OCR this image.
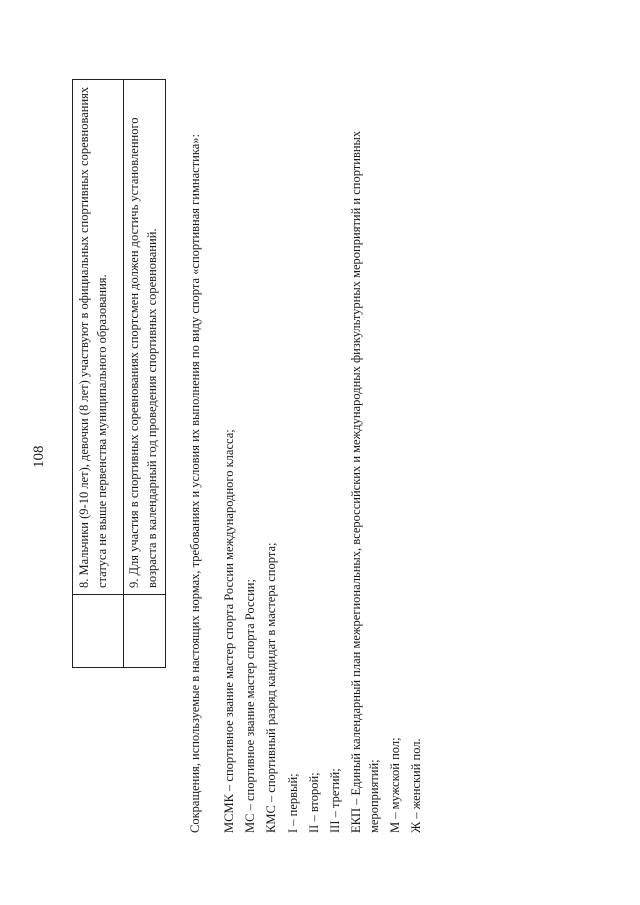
108
	8. Мальчики (9-10 лет), девочки (8 лет) участвуют в официальных спортивных соревнованиях статуса не выше первенства муниципального образования.
	9. Для участия в спортивных соревнованиях спортсмен должен достичь установленного возраста в календарный год проведения спортивных соревнований. Сокращения, используемые в настоящих нормах, требованиях и условия их выполнения по виду спорта «спортивная гимнастика»: МСМК – спортивное звание мастер спорта России международного класса; МС – спортивное звание мастер спорта России; КМС – спортивный разряд кандидат в мастера спорта; I – первый; II – второй; III – третий; ЕКП – Единый календарный план межрегиональных, всероссийских и международных физкультурных мероприятий и спортивных мероприятий; М – мужской пол; Ж – женский пол.
